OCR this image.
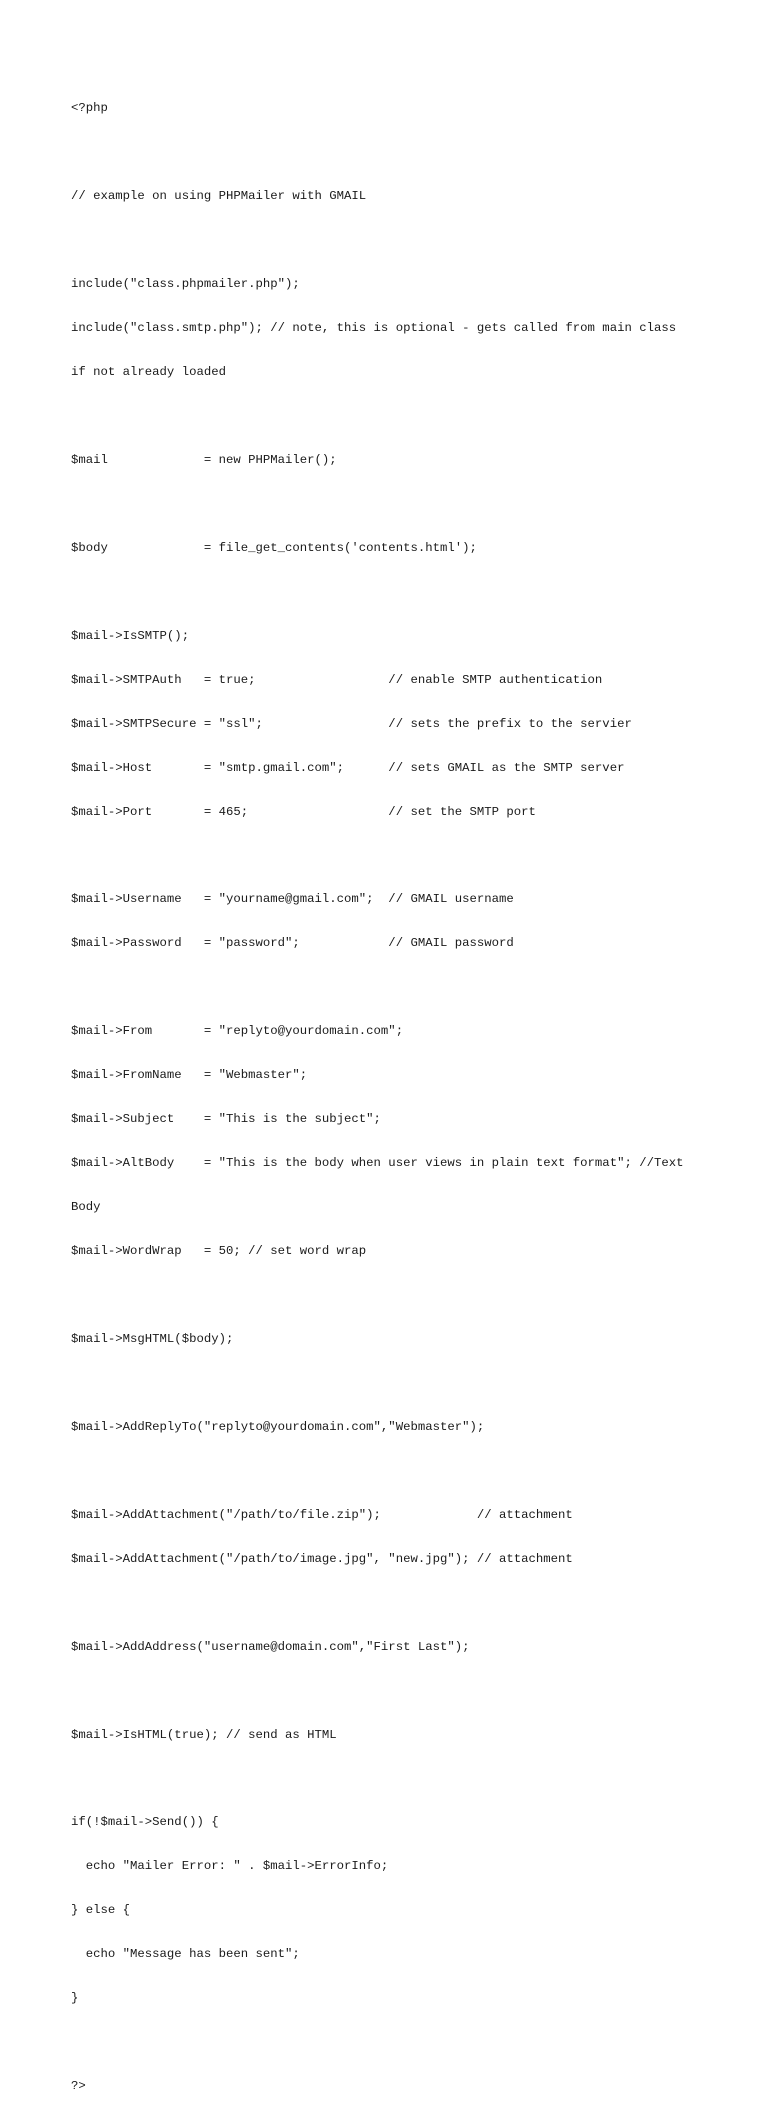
<?php

// example on using PHPMailer with GMAIL

include("class.phpmailer.php");

include("class.smtp.php"); // note, this is optional - gets called from main class

if not already loaded

$mail             = new PHPMailer();

$body             = file_get_contents('contents.html');

$mail->IsSMTP();

$mail->SMTPAuth   = true;                  // enable SMTP authentication

$mail->SMTPSecure = "ssl";                 // sets the prefix to the servier

$mail->Host       = "smtp.gmail.com";      // sets GMAIL as the SMTP server

$mail->Port       = 465;                   // set the SMTP port

$mail->Username   = "yourname@gmail.com";  // GMAIL username

$mail->Password   = "password";            // GMAIL password

$mail->From       = "replyto@yourdomain.com";

$mail->FromName   = "Webmaster";

$mail->Subject    = "This is the subject";

$mail->AltBody    = "This is the body when user views in plain text format"; //Text

Body

$mail->WordWrap   = 50; // set word wrap

$mail->MsgHTML($body);

$mail->AddReplyTo("replyto@yourdomain.com","Webmaster");

$mail->AddAttachment("/path/to/file.zip");             // attachment

$mail->AddAttachment("/path/to/image.jpg", "new.jpg"); // attachment

$mail->AddAddress("username@domain.com","First Last");

$mail->IsHTML(true); // send as HTML

if(!$mail->Send()) {

echo "Mailer Error: " . $mail->ErrorInfo;

} else {

echo "Message has been sent";

}

?>
